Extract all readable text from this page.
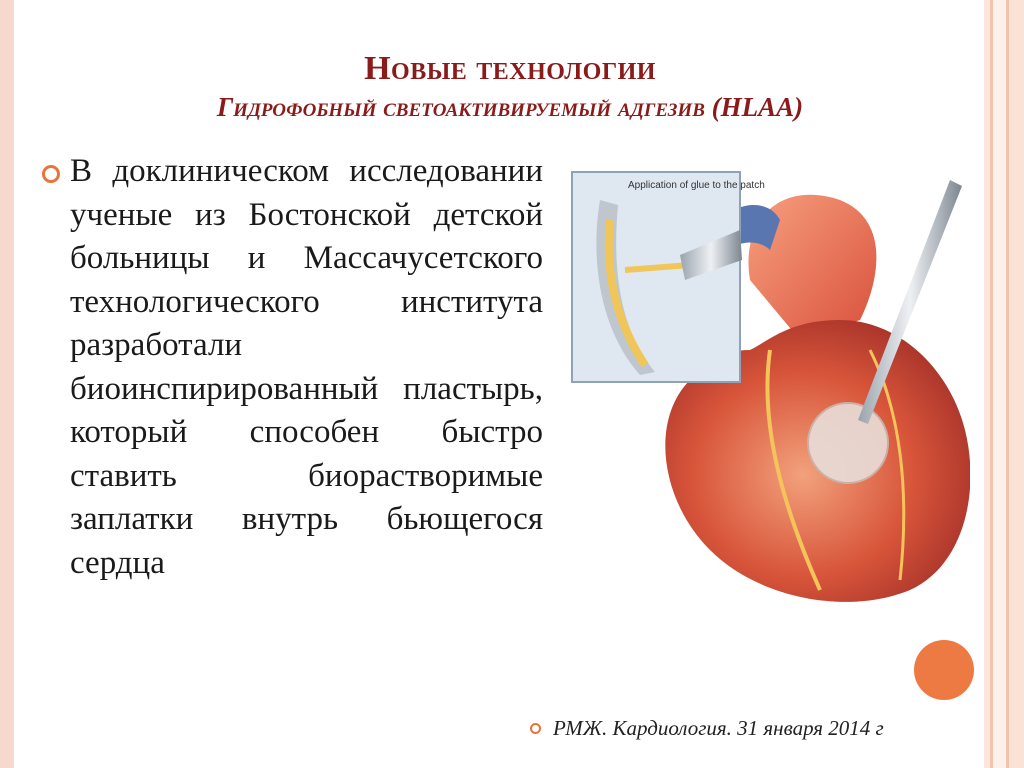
Новые технологии
Гидрофобный светоактивируемый адгезив (HLAA)
В доклиническом исследовании ученые из Бостонской детской больницы и Массачусетского технологического института разработали биоинспирированный пластырь, который способен быстро ставить биорастворимые заплатки внутрь бьющегося сердца
Application of glue to the patch
РМЖ. Кардиология. 31 января 2014 г
